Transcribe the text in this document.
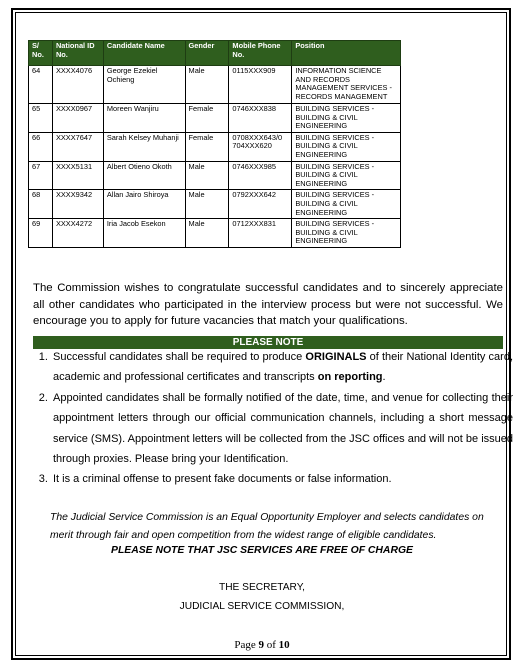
S/ No.	National ID No.	Candidate Name	Gender	Mobile Phone No.	Position
64	XXXX4076	George Ezekiel Ochieng	Male	0115XXX909	INFORMATION SCIENCE AND RECORDS MANAGEMENT SERVICES - RECORDS MANAGEMENT
65	XXXX0967	Moreen Wanjiru	Female	0746XXX838	BUILDING SERVICES - BUILDING & CIVIL ENGINEERING
66	XXXX7647	Sarah Kelsey Muhanji	Female	0708XXX643/0 704XXX620	BUILDING SERVICES - BUILDING & CIVIL ENGINEERING
67	XXXX5131	Albert Otieno Okoth	Male	0746XXX985	BUILDING SERVICES - BUILDING & CIVIL ENGINEERING
68	XXXX9342	Allan Jairo Shiroya	Male	0792XXX642	BUILDING SERVICES - BUILDING & CIVIL ENGINEERING
69	XXXX4272	Iria Jacob Esekon	Male	0712XXX831	BUILDING SERVICES - BUILDING & CIVIL ENGINEERING

The Commission wishes to congratulate successful candidates and to sincerely appreciate all other candidates who participated in the interview process but were not successful. We encourage you to apply for future vacancies that match your qualifications.

PLEASE NOTE
1. Successful candidates shall be required to produce ORIGINALS of their National Identity card, academic and professional certificates and transcripts on reporting.
2. Appointed candidates shall be formally notified of the date, time, and venue for collecting their appointment letters through our official communication channels, including a short message service (SMS). Appointment letters will be collected from the JSC offices and will not be issued through proxies. Please bring your Identification.
3. It is a criminal offense to present fake documents or false information.

The Judicial Service Commission is an Equal Opportunity Employer and selects candidates on merit through fair and open competition from the widest range of eligible candidates.

PLEASE NOTE THAT JSC SERVICES ARE FREE OF CHARGE
THE SECRETARY,
JUDICIAL SERVICE COMMISSION,
Page 9 of 10
